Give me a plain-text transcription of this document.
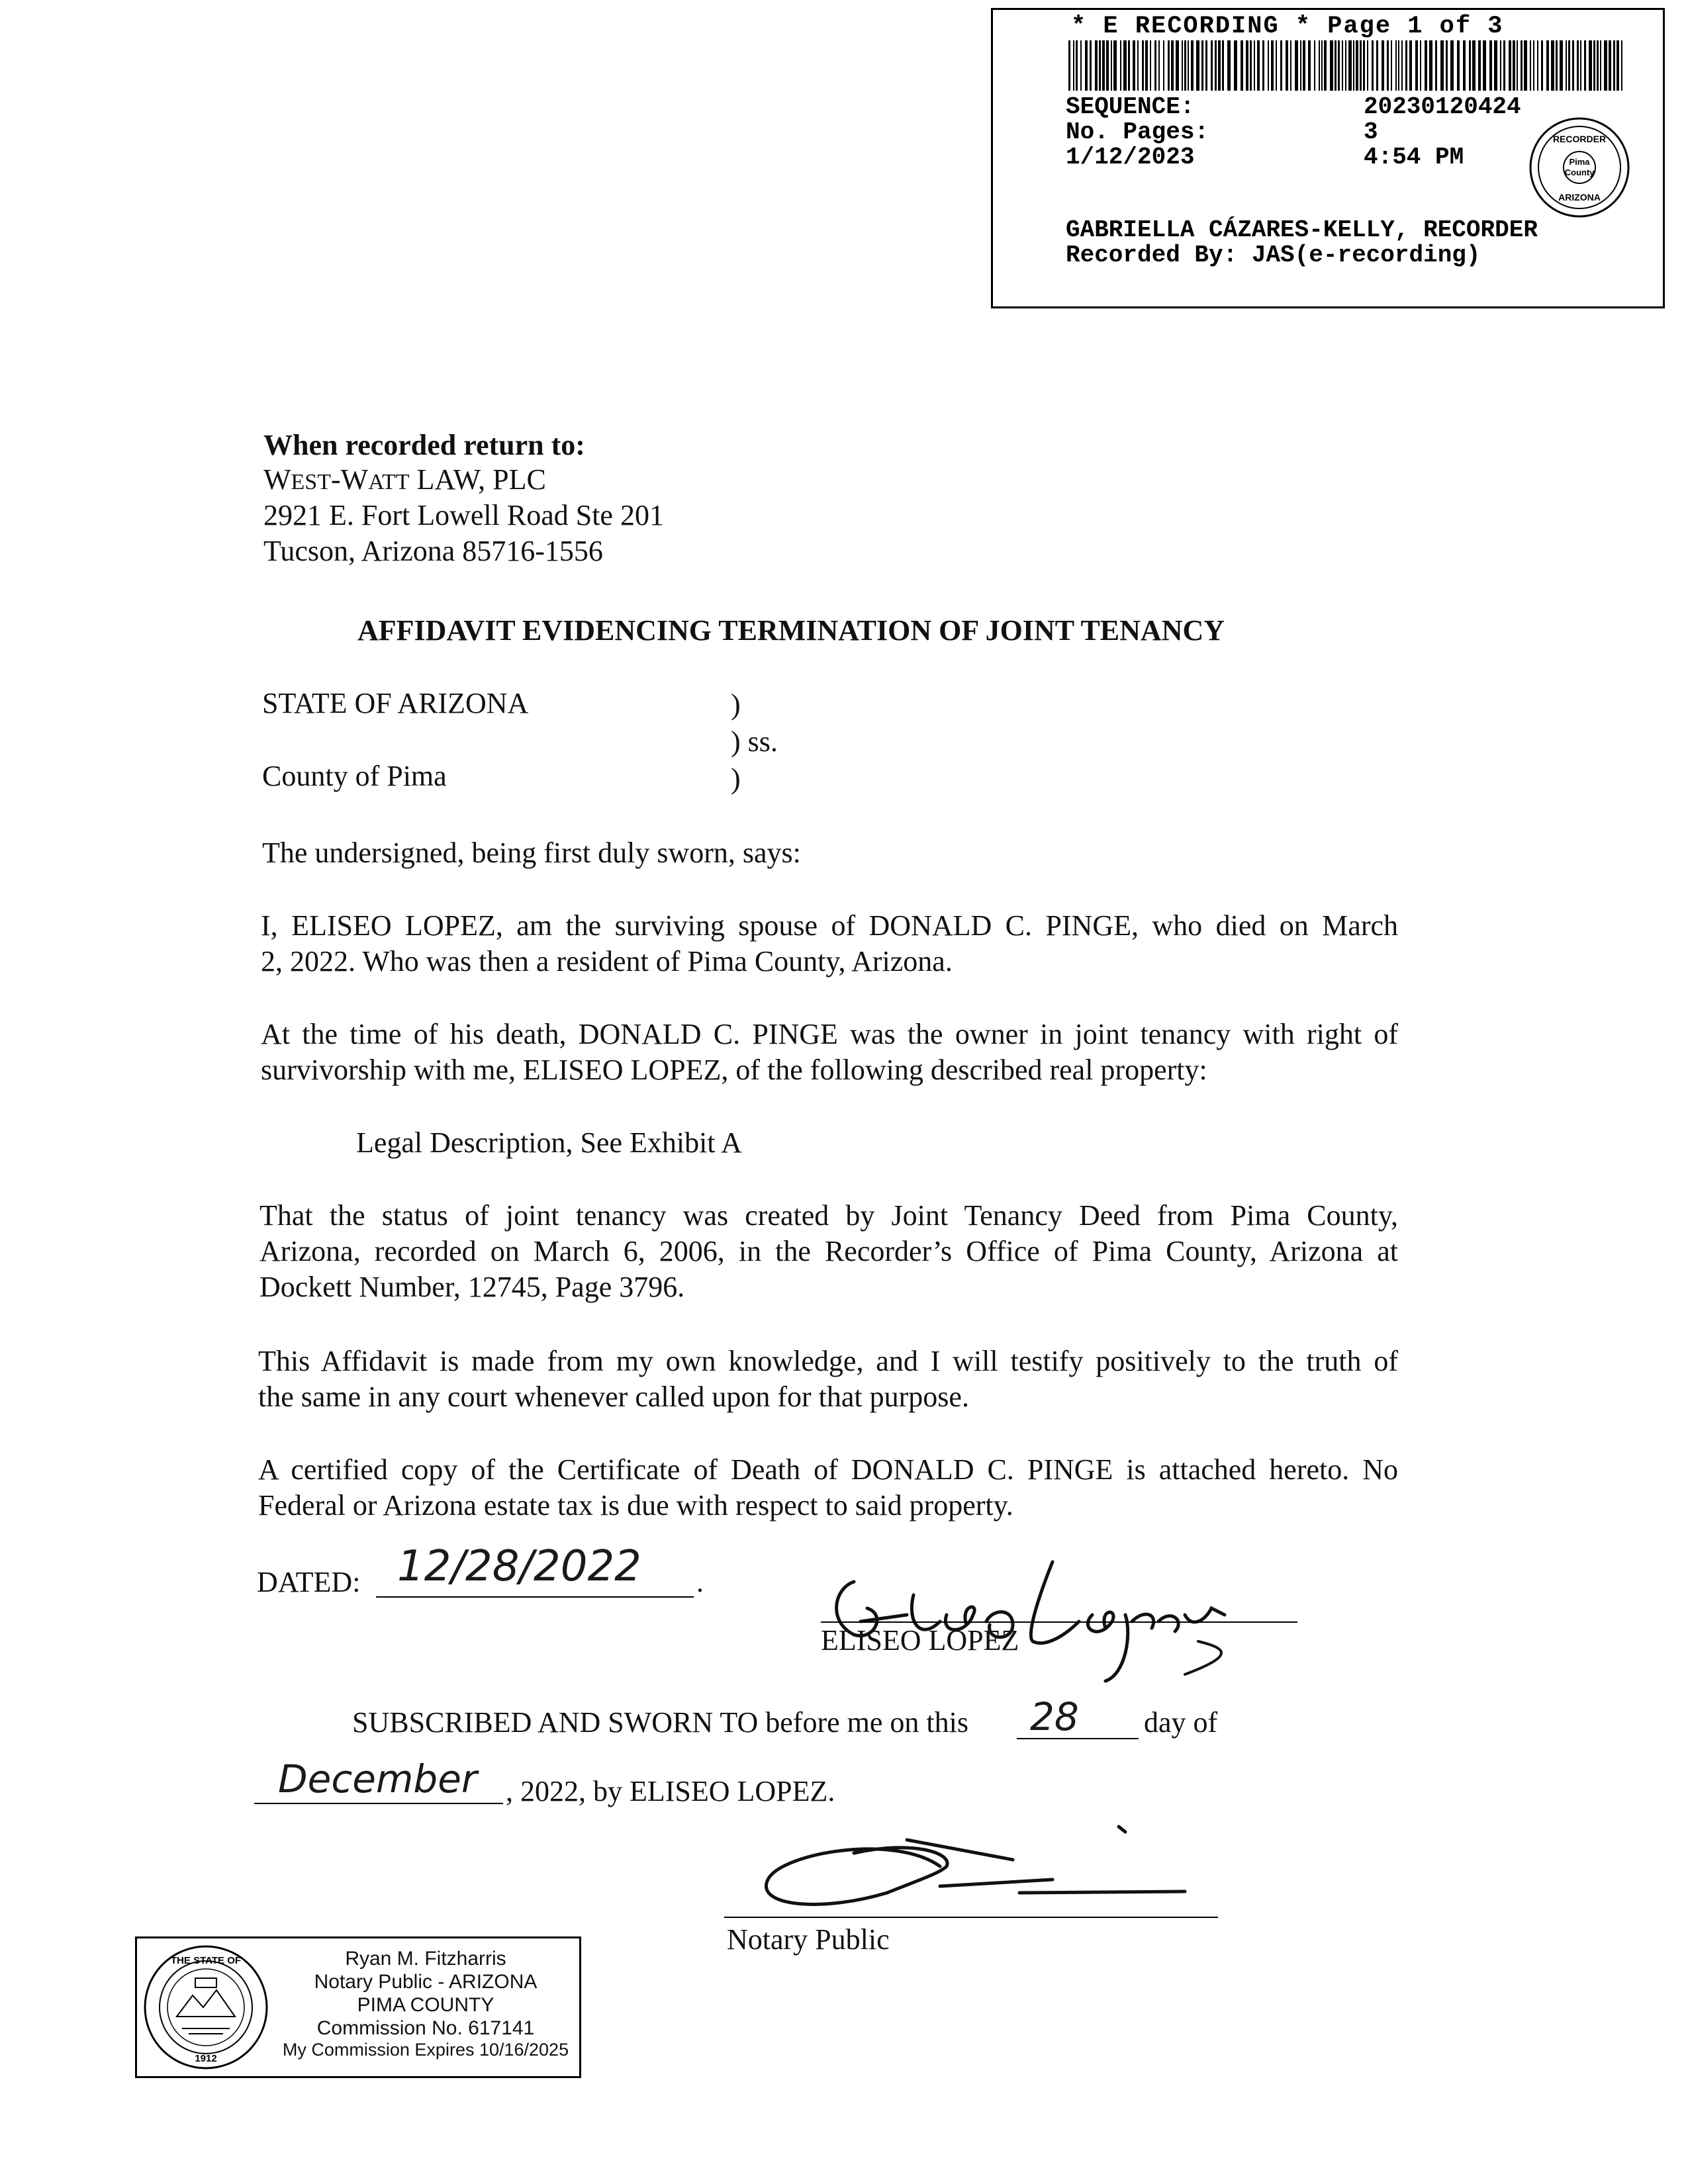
* E RECORDING * Page 1 of 3
SEQUENCE:	20230120424
No. Pages:	3
1/12/2023	4:54 PM	Pima
County
RECORDER
ARIZONA
GABRIELLA CÁZARES-KELLY, RECORDER
Recorded By: JAS(e-recording)
When recorded return to:
WEST-WATT LAW, PLC
2921 E. Fort Lowell Road Ste 201
Tucson, Arizona 85716-1556
AFFIDAVIT EVIDENCING TERMINATION OF JOINT TENANCY
STATE OF ARIZONA	)
) ss.
County of Pima	)
The undersigned, being first duly sworn, says:
I, ELISEO LOPEZ, am the surviving spouse of DONALD C. PINGE, who died on March
2, 2022. Who was then a resident of Pima County, Arizona.
At the time of his death, DONALD C. PINGE was the owner in joint tenancy with right of
survivorship with me, ELISEO LOPEZ, of the following described real property:
Legal Description, See Exhibit A
That the status of joint tenancy was created by Joint Tenancy Deed from Pima County,
Arizona, recorded on March 6, 2006, in the Recorder’s Office of Pima County, Arizona at
Dockett Number, 12745, Page 3796.
This Affidavit is made from my own knowledge, and I will testify positively to the truth of
the same in any court whenever called upon for that purpose.
A certified copy of the Certificate of Death of DONALD C. PINGE is attached hereto. No
Federal or Arizona estate tax is due with respect to said property.
DATED: 12/28/2022 .
ELISEO LOPEZ
SUBSCRIBED AND SWORN TO before me on this 28 day of
December , 2022, by ELISEO LOPEZ.
Notary Public
THE STATE OF
1912
Ryan M. Fitzharris
Notary Public - ARIZONA
PIMA COUNTY
Commission No. 617141
My Commission Expires 10/16/2025
